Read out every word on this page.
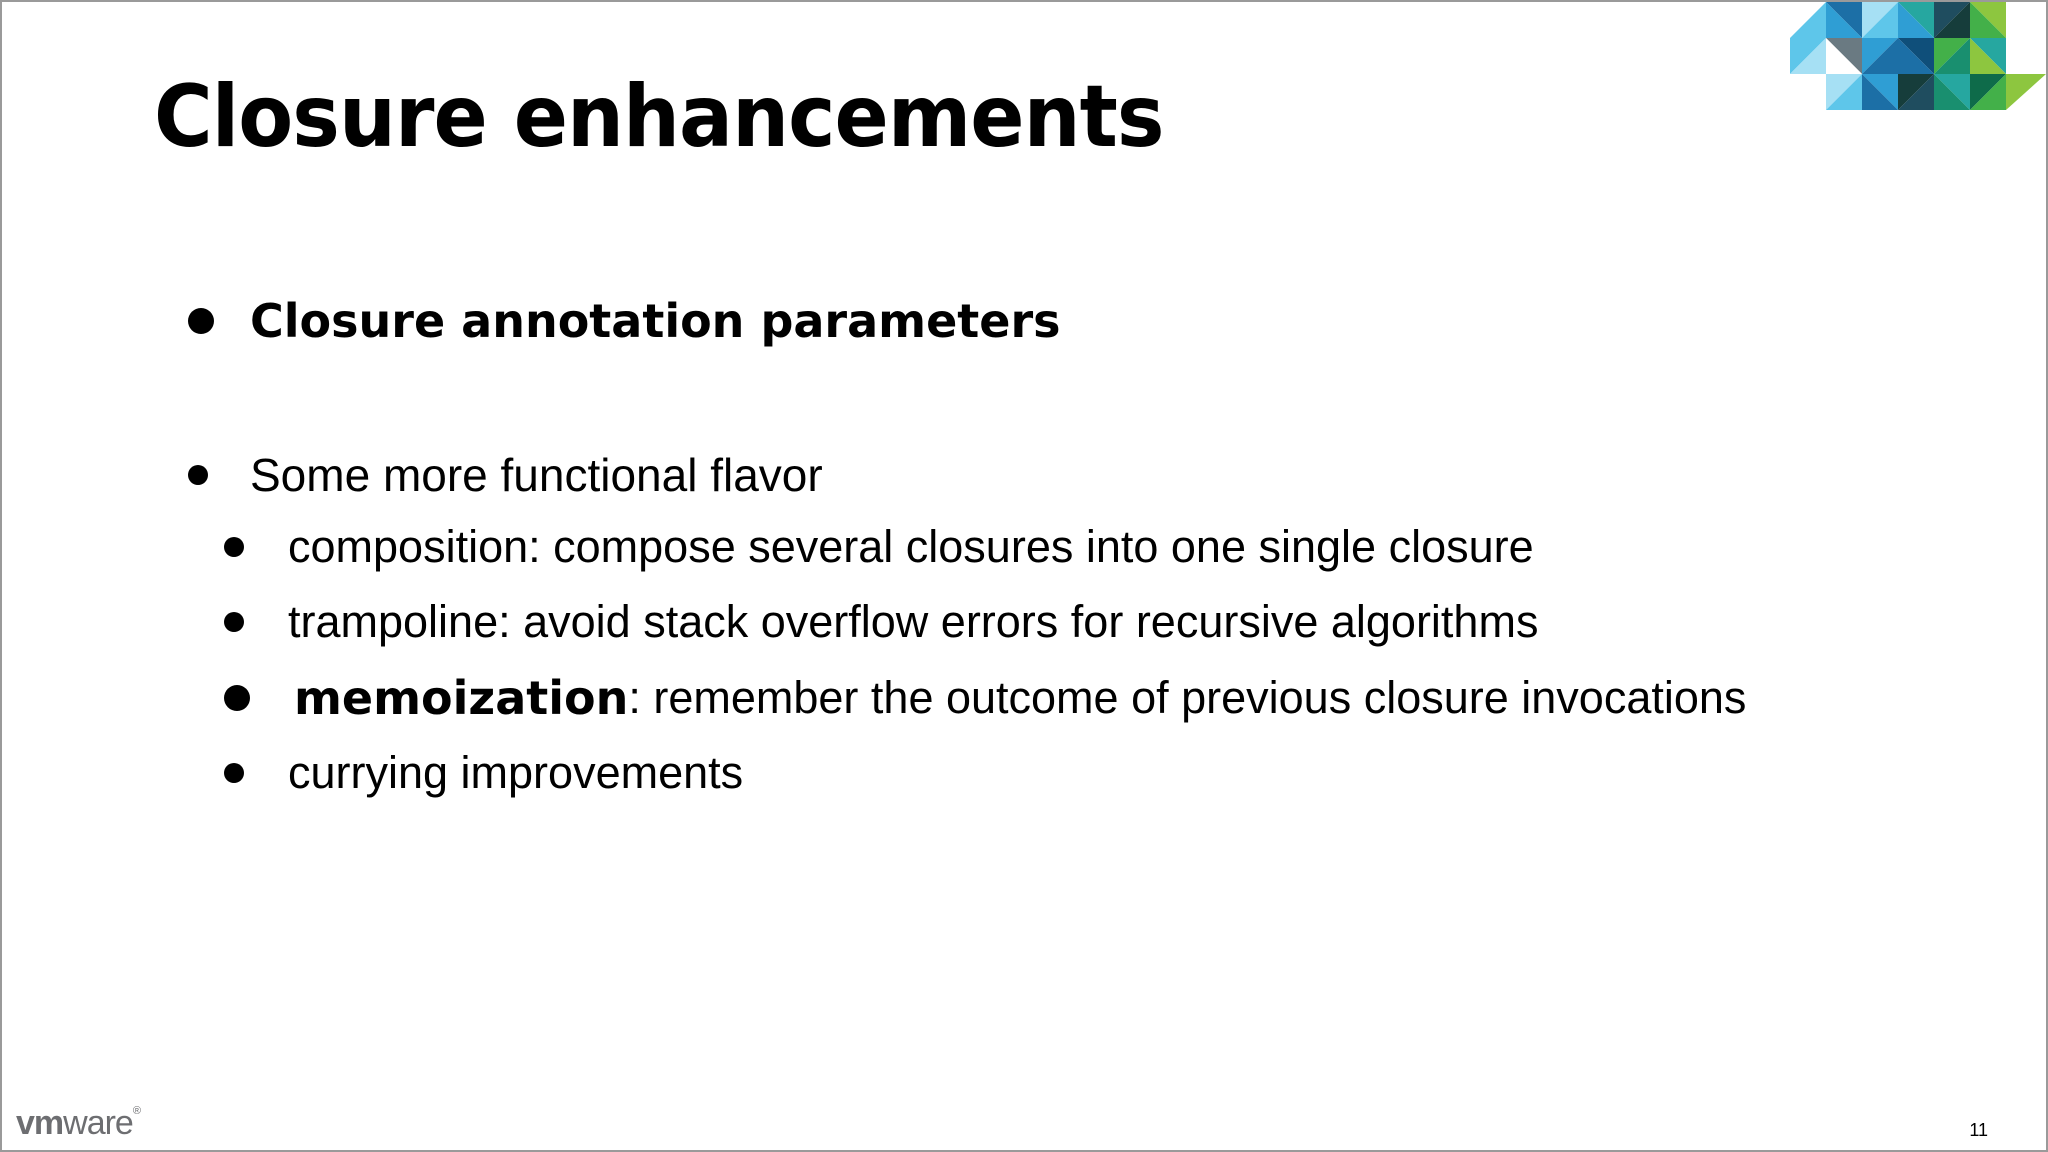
Closure enhancements
Closure annotation parameters
Some more functional flavor
composition: compose several closures into one single closure
trampoline: avoid stack overflow errors for recursive algorithms
memoization : remember the outcome of previous closure invocations
currying improvements
vmware®
11
